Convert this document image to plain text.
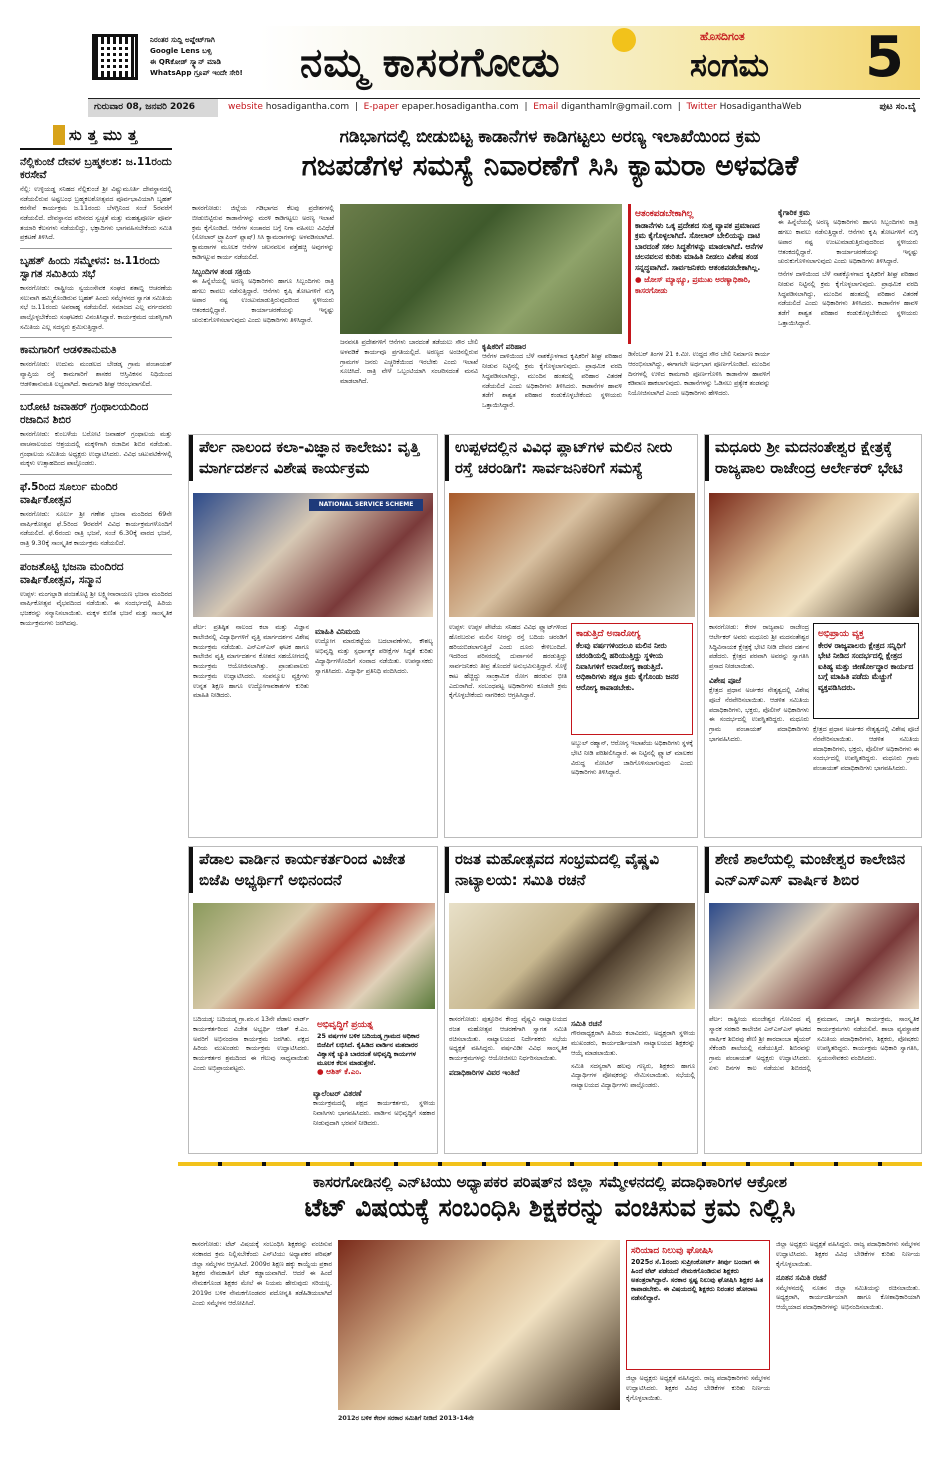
ನಿರಂತರ ಸುದ್ದಿ ಅಪ್ಡೇಟ್‌ಗಾಗಿ
Google Lens ಬಳ್ಸಿ
ಈ QRಕೋಡ್ ಸ್ಕ್ಯಾನ್ ಮಾಡಿ
WhatsApp ಗ್ರೂಪ್ ಇಂದೇ ಸೇರಿ!	ನಮ್ಮ ಕಾಸರಗೋಡು
ಹೊಸದಿಗಂತ
ಸಂಗಮ 5
ಗುರುವಾರ 08, ಜನವರಿ 2026	website hosadigantha.com  |  E-paper epaper.hosadigantha.com  |  Email diganthamlr@gmail.com  |  Twitter HosadiganthaWeb	ಪುಟ ಸಂ.ಬೈ
ಸುತ್ತಮುತ್ತ
ನೆಲ್ಲಿಕುಂಜೆ ದೇವಳ ಬ್ರಹ್ಮಕಲಶ: ಜ.11ರಂದು ಕರಸೇವೆ
ನೆಲ್ಲಿ: ಉಳ್ಳಿಯಡ್ಡ ಸನಿಹದ ನೆಲ್ಲಿಕುಂಜೆ ಶ್ರೀ ವಿಷ್ಣುಮೂರ್ತಿ ದೇವಸ್ಥಾನದಲ್ಲಿ ನಡೆಯಲಿರುವ ಅಷ್ಟಬಂಧ ಬ್ರಹ್ಮಕಲಶೋತ್ಸವದ ಪೂರ್ವಭಾವಿಯಾಗಿ ಬೃಹತ್ ಕರಸೇವೆ ಕಾರ್ಯಕ್ರಮ ಜ.11ರಂದು ಬೆಳಗ್ಗಿನಿಂದ ಸಂಜೆ 5ರವರೆಗೆ ನಡೆಯಲಿದೆ. ದೇವಸ್ಥಾನದ ಪರಿಸರದ ಸ್ವಚ್ಛತೆ ಮತ್ತು ಮಹತ್ವಪೂರ್ಣ ಪೂರ್ವ ತಯಾರಿ ಕೆಲಸಗಳು ನಡೆಯಲಿದ್ದು, ಭಕ್ತಾದಿಗಳು ಭಾಗವಹಿಸಬೇಕೆಂದು ಸಮಿತಿ ಪ್ರಕಟಣೆ ತಿಳಿಸಿದೆ.
ಬೃಹತ್ ಹಿಂದು ಸಮ್ಮೇಳನ: ಜ.11ರಂದು ಸ್ವಾಗತ ಸಮಿತಿಯ ಸಭೆ
ಕಾಸರಗೋಡು: ರಾಷ್ಟ್ರೀಯ ಸ್ವಯಂಸೇವಕ ಸಂಘದ ಶತಾಬ್ದಿ ಆಚರಣೆಯ ಸಲುವಾಗಿ ಹಮ್ಮಿಕೊಂಡಿರುವ ಬೃಹತ್ ಹಿಂದು ಸಮ್ಮೇಳನದ ಸ್ವಾಗತ ಸಮಿತಿಯ ಸಭೆ ಜ.11ರಂದು ಅಪರಾಹ್ನ ನಡೆಯಲಿದೆ. ಸಮಾಜದ ಎಲ್ಲ ವರ್ಗದವರು ಪಾಲ್ಗೊಳ್ಳಬೇಕೆಂದು ಸಂಘಟಕರು ವಿನಂತಿಸಿದ್ದಾರೆ. ಕಾರ್ಯಕ್ರಮದ ಯಶಸ್ಸಿಗಾಗಿ ಸಮಿತಿಯ ಎಲ್ಲ ಸದಸ್ಯರು ಶ್ರಮಿಸುತ್ತಿದ್ದಾರೆ.
ಕಾಮಗಾರಿಗೆ ಆಡಳಿತಾನುಮತಿ
ಕಾಸರಗೋಡು: ಉದುಮ ಮಂಡಲದ ಬೇಡಡ್ಕ ಗ್ರಾಮ ಪಂಚಾಯತ್ ವ್ಯಾಪ್ತಿಯ ರಸ್ತೆ ಕಾಮಗಾರಿಗೆ ಶಾಸಕರ ಆಸ್ತಿವಿಕಸನ ನಿಧಿಯಿಂದ ಆಡಳಿತಾನುಮತಿ ಲಭ್ಯವಾಗಿದೆ. ಕಾಮಗಾರಿ ಶೀಘ್ರ ಆರಂಭವಾಗಲಿದೆ.
ಬರೋಟಿ ಜವಾಹರ್ ಗ್ರಂಥಾಲಯದಿಂದ ರಜಾದಿನ ಶಿಬಿರ
ಕಾಸರಗೋಡು: ಕುಂಬಳೆಯ ಬರೋಟಿ ಜವಾಹರ್ ಗ್ರಂಥಾಲಯ ಮತ್ತು ವಾಚನಾಲಯದ ಆಶ್ರಯದಲ್ಲಿ ಮಕ್ಕಳಿಗಾಗಿ ರಜಾದಿನ ಶಿಬಿರ ನಡೆಯಿತು. ಗ್ರಂಥಾಲಯ ಸಮಿತಿಯ ಅಧ್ಯಕ್ಷರು ಉದ್ಘಾಟಿಸಿದರು. ವಿವಿಧ ಚಟುವಟಿಕೆಗಳಲ್ಲಿ ಮಕ್ಕಳು ಉತ್ಸಾಹದಿಂದ ಪಾಲ್ಗೊಂಡರು.
ಫೆ.5ರಿಂದ ಸೂರ್ಲು ಮಂದಿರ ವಾರ್ಷಿಕೋತ್ಸವ
ಕಾಸರಗೋಡು: ಸೂರ್ಲು ಶ್ರೀ ಗಣೇಶ ಭಜನಾ ಮಂದಿರದ 69ನೇ ವಾರ್ಷಿಕೋತ್ಸವ ಫೆ.5ರಿಂದ 9ರವರೆಗೆ ವಿವಿಧ ಕಾರ್ಯಕ್ರಮಗಳೊಂದಿಗೆ ನಡೆಯಲಿದೆ. ಫೆ.6ರಂದು ರಾತ್ರಿ ಭಜನೆ, ಸಂಜೆ 6.30ಕ್ಕೆ ವಾರದ ಭಜನೆ, ರಾತ್ರಿ 9.30ಕ್ಕೆ ಸಾಂಸ್ಕೃತಿಕ ಕಾರ್ಯಕ್ರಮ ನಡೆಯಲಿದೆ.
ಪಂಜತೊಟ್ಟಿ ಭಜನಾ ಮಂದಿರದ ವಾರ್ಷಿಕೋತ್ಸವ, ಸನ್ಮಾನ
ಉಪ್ಪಳ: ಮಂಗಲ್ಪಾಡಿ ಪಂಜತೊಟ್ಟಿ ಶ್ರೀ ಲಕ್ಷ್ಮೀನಾರಾಯಣ ಭಜನಾ ಮಂದಿರದ ವಾರ್ಷಿಕೋತ್ಸವ ವೈಭವದಿಂದ ನಡೆಯಿತು. ಈ ಸಂದರ್ಭದಲ್ಲಿ ಹಿರಿಯ ಭಜಕರನ್ನು ಸನ್ಮಾನಿಸಲಾಯಿತು. ಮಕ್ಕಳ ಕುಣಿತ ಭಜನೆ ಮತ್ತು ಸಾಂಸ್ಕೃತಿಕ ಕಾರ್ಯಕ್ರಮಗಳು ಜರಗಿದವು.
ಗಡಿಭಾಗದಲ್ಲಿ ಬೀಡುಬಿಟ್ಟ ಕಾಡಾನೆಗಳ ಕಾಡಿಗಟ್ಟಲು ಅರಣ್ಯ ಇಲಾಖೆಯಿಂದ ಕ್ರಮ
ಗಜಪಡೆಗಳ ಸಮಸ್ಯೆ ನಿವಾರಣೆಗೆ ಸಿಸಿ ಕ್ಯಾಮರಾ ಅಳವಡಿಕೆ

ಕಾಸರಗೋಡು: ಜಿಲ್ಲೆಯ ಗಡಿಭಾಗದ ಕೆಲವು ಪ್ರದೇಶಗಳಲ್ಲಿ ಬೀಡುಬಿಟ್ಟಿರುವ ಕಾಡಾನೆಗಳನ್ನು ಮರಳಿ ಕಾಡಿಗಟ್ಟಲು ಅರಣ್ಯ ಇಲಾಖೆ ಕ್ರಮ ಕೈಗೊಂಡಿದೆ. ಆನೆಗಳ ಸಂಚಾರದ ಬಗ್ಗೆ ನಿಗಾ ವಹಿಸಲು ವಿವಿಧೆಡೆ (ಸೋಲಾರ್ ಟ್ರ್ಯಾಪಿಂಗ್ ಫ್ಲಾಷ್) ಸಿಸಿ ಕ್ಯಾಮರಾಗಳನ್ನು ಅಳವಡಿಸಲಾಗಿದೆ. ಕ್ಯಾಮರಾಗಳ ಮೂಲಕ ಆನೆಗಳ ಚಲನವಲನ ಪತ್ತೆಹಚ್ಚಿ ಅವುಗಳನ್ನು ಕಾಡಿಗಟ್ಟುವ ಕಾರ್ಯ ನಡೆಯಲಿದೆ.

ಸಿಬ್ಬಂದಿಗಳ ತಂಡ ಸಕ್ರಿಯ

ಈ ಹಿನ್ನೆಲೆಯಲ್ಲಿ ಅರಣ್ಯ ಅಧಿಕಾರಿಗಳು ಹಾಗೂ ಸಿಬ್ಬಂದಿಗಳು ರಾತ್ರಿ ಹಗಲು ಕಾವಲು ನಡೆಸುತ್ತಿದ್ದಾರೆ. ಆನೆಗಳು ಕೃಷಿ ತೋಟಗಳಿಗೆ ನುಗ್ಗಿ ಅಪಾರ ನಷ್ಟ ಉಂಟುಮಾಡುತ್ತಿರುವುದರಿಂದ ಸ್ಥಳೀಯರು ಆತಂಕದಲ್ಲಿದ್ದಾರೆ. ಕಾರ್ಯಾಚರಣೆಯನ್ನು ಇನ್ನಷ್ಟು ಚುರುಕುಗೊಳಿಸಲಾಗುವುದು ಎಂದು ಅಧಿಕಾರಿಗಳು ತಿಳಿಸಿದ್ದಾರೆ.

ಜನವಸತಿ ಪ್ರದೇಶಗಳಿಗೆ ಆನೆಗಳು ಬಾರದಂತೆ ತಡೆಯಲು ಸೌರ ಬೇಲಿ ಅಳವಡಿಕೆ ಕಾರ್ಯವೂ ಪ್ರಗತಿಯಲ್ಲಿದೆ. ಅರಣ್ಯದ ಅಂಚಿನಲ್ಲಿರುವ ಗ್ರಾಮಗಳ ಜನರು ಎಚ್ಚರಿಕೆಯಿಂದ ಇರಬೇಕು ಎಂದು ಇಲಾಖೆ ಸೂಚಿಸಿದೆ. ರಾತ್ರಿ ವೇಳೆ ಒಬ್ಬಂಟಿಯಾಗಿ ಸಂಚರಿಸದಂತೆ ಮನವಿ ಮಾಡಲಾಗಿದೆ.

ಕೃಷಿಕರಿಗೆ ಪರಿಹಾರ

ಆನೆಗಳ ದಾಳಿಯಿಂದ ಬೆಳೆ ನಾಶಕ್ಕೊಳಗಾದ ಕೃಷಿಕರಿಗೆ ಶೀಘ್ರ ಪರಿಹಾರ ನೀಡುವ ನಿಟ್ಟಿನಲ್ಲಿ ಕ್ರಮ ಕೈಗೊಳ್ಳಲಾಗುವುದು. ಪ್ರಾಥಮಿಕ ವರದಿ ಸಿದ್ಧಪಡಿಸಲಾಗಿದ್ದು, ಮುಂದಿನ ಹಂತದಲ್ಲಿ ಪರಿಹಾರ ವಿತರಣೆ ನಡೆಯಲಿದೆ ಎಂದು ಅಧಿಕಾರಿಗಳು ತಿಳಿಸಿದರು. ಕಾಡಾನೆಗಳ ಹಾವಳಿ ತಡೆಗೆ ಶಾಶ್ವತ ಪರಿಹಾರ ಕಂಡುಕೊಳ್ಳಬೇಕೆಂದು ಸ್ಥಳೀಯರು ಒತ್ತಾಯಿಸಿದ್ದಾರೆ.

ಆತಂಕಪಡಬೇಕಾಗಿಲ್ಲ
ಕಾಡಾನೆಗಳು ಒಕ್ಕ ಪ್ರದೇಶದ ಸುತ್ತ ವ್ಯಾಪಕ ಪ್ರಮಾಣದ ಕ್ರಮ ಕೈಗೊಳ್ಳಲಾಗಿದೆ. ಸೋಲಾರ್ ಬೇಲಿಯನ್ನು ದಾಟಿ ಬಾರದಂತೆ ಸಕಲ ಸಿದ್ಧತೆಗಳನ್ನು ಮಾಡಲಾಗಿದೆ. ಆನೆಗಳ ಚಲನವಲನ ಕುರಿತು ಮಾಹಿತಿ ನೀಡಲು ವಿಶೇಷ ತಂಡ ಸನ್ನದ್ಧವಾಗಿದೆ. ಸಾರ್ವಜನಿಕರು ಆತಂಕಪಡಬೇಕಾಗಿಲ್ಲ.
● ಜೋಸ್ ಮ್ಯಾಥ್ಯೂ, ಪ್ರಮುಖ ಅರಣ್ಯಾಧಿಕಾರಿ, ಕಾಸರಗೋಡು

ಡಿಸೆಂಬರ್ ತಿಂಗಳ 21 ಕಿ.ಮೀ. ಉದ್ದದ ಸೌರ ಬೇಲಿ ನಿರ್ಮಾಣ ಕಾರ್ಯ ಆರಂಭಿಸಲಾಗಿದ್ದು, ಈಗಾಗಲೇ ಅರ್ಧಭಾಗ ಪೂರ್ಣಗೊಂಡಿದೆ. ಮುಂದಿನ ದಿನಗಳಲ್ಲಿ ಉಳಿದ ಕಾಮಗಾರಿ ಪೂರ್ಣಗೊಳಿಸಿ ಕಾಡಾನೆಗಳ ಹಾವಳಿಗೆ ಕಡಿವಾಣ ಹಾಕಲಾಗುವುದು. ಕಾಡಾನೆಗಳನ್ನು ಓಡಿಸಲು ಪ್ರತ್ಯೇಕ ತಂಡವನ್ನು ನಿಯೋಜಿಸಲಾಗಿದೆ ಎಂದು ಅಧಿಕಾರಿಗಳು ಹೇಳಿದರು.

ಕೈಗಾರಿಕ ಕ್ರಮ

ಈ ಹಿನ್ನೆಲೆಯಲ್ಲಿ ಅರಣ್ಯ ಅಧಿಕಾರಿಗಳು ಹಾಗೂ ಸಿಬ್ಬಂದಿಗಳು ರಾತ್ರಿ ಹಗಲು ಕಾವಲು ನಡೆಸುತ್ತಿದ್ದಾರೆ. ಆನೆಗಳು ಕೃಷಿ ತೋಟಗಳಿಗೆ ನುಗ್ಗಿ ಅಪಾರ ನಷ್ಟ ಉಂಟುಮಾಡುತ್ತಿರುವುದರಿಂದ ಸ್ಥಳೀಯರು ಆತಂಕದಲ್ಲಿದ್ದಾರೆ. ಕಾರ್ಯಾಚರಣೆಯನ್ನು ಇನ್ನಷ್ಟು ಚುರುಕುಗೊಳಿಸಲಾಗುವುದು ಎಂದು ಅಧಿಕಾರಿಗಳು ತಿಳಿಸಿದ್ದಾರೆ.

ಆನೆಗಳ ದಾಳಿಯಿಂದ ಬೆಳೆ ನಾಶಕ್ಕೊಳಗಾದ ಕೃಷಿಕರಿಗೆ ಶೀಘ್ರ ಪರಿಹಾರ ನೀಡುವ ನಿಟ್ಟಿನಲ್ಲಿ ಕ್ರಮ ಕೈಗೊಳ್ಳಲಾಗುವುದು. ಪ್ರಾಥಮಿಕ ವರದಿ ಸಿದ್ಧಪಡಿಸಲಾಗಿದ್ದು, ಮುಂದಿನ ಹಂತದಲ್ಲಿ ಪರಿಹಾರ ವಿತರಣೆ ನಡೆಯಲಿದೆ ಎಂದು ಅಧಿಕಾರಿಗಳು ತಿಳಿಸಿದರು. ಕಾಡಾನೆಗಳ ಹಾವಳಿ ತಡೆಗೆ ಶಾಶ್ವತ ಪರಿಹಾರ ಕಂಡುಕೊಳ್ಳಬೇಕೆಂದು ಸ್ಥಳೀಯರು ಒತ್ತಾಯಿಸಿದ್ದಾರೆ.

ಪೆರ್ಲ ನಾಲಂದ ಕಲಾ-ವಿಜ್ಞಾನ ಕಾಲೇಜು: ವೃತ್ತಿ ಮಾರ್ಗದರ್ಶನ ವಿಶೇಷ ಕಾರ್ಯಕ್ರಮ
NATIONAL SERVICE SCHEME

ಪೆರ್ಲ: ಪ್ರತಿಷ್ಠಿತ ನಾಲಂದ ಕಲಾ ಮತ್ತು ವಿಜ್ಞಾನ ಕಾಲೇಜಿನಲ್ಲಿ ವಿದ್ಯಾರ್ಥಿಗಳಿಗೆ ವೃತ್ತಿ ಮಾರ್ಗದರ್ಶನ ವಿಶೇಷ ಕಾರ್ಯಕ್ರಮ ನಡೆಯಿತು. ಎನ್ಎಸ್ಎಸ್ ಘಟಕ ಹಾಗೂ ಕಾಲೇಜಿನ ವೃತ್ತಿ ಮಾರ್ಗದರ್ಶನ ಕೋಶದ ಸಹಯೋಗದಲ್ಲಿ ಕಾರ್ಯಕ್ರಮ ಆಯೋಜಿಸಲಾಗಿತ್ತು. ಪ್ರಾಂಶುಪಾಲರು ಕಾರ್ಯಕ್ರಮ ಉದ್ಘಾಟಿಸಿದರು. ಸಂಪನ್ಮೂಲ ವ್ಯಕ್ತಿಗಳು ಉನ್ನತ ಶಿಕ್ಷಣ ಹಾಗೂ ಉದ್ಯೋಗಾವಕಾಶಗಳ ಕುರಿತು ಮಾಹಿತಿ ನೀಡಿದರು.

ಮಾಹಿತಿ ವಿನಿಮಯ

ಉದ್ಯೋಗ ಮಾರುಕಟ್ಟೆಯ ಬದಲಾವಣೆಗಳು, ಕೌಶಲ್ಯ ಅಭಿವೃದ್ಧಿ ಮತ್ತು ಸ್ಪರ್ಧಾತ್ಮಕ ಪರೀಕ್ಷೆಗಳ ಸಿದ್ಧತೆ ಕುರಿತು ವಿದ್ಯಾರ್ಥಿಗಳೊಂದಿಗೆ ಸಂವಾದ ನಡೆಯಿತು. ಉಪನ್ಯಾಸಕರು ಸ್ವಾಗತಿಸಿದರು. ವಿದ್ಯಾರ್ಥಿ ಪ್ರತಿನಿಧಿ ವಂದಿಸಿದರು.

ಉಪ್ಪಳದಲ್ಲಿನ ವಿವಿಧ ಪ್ಲಾಟ್‌ಗಳ ಮಲಿನ ನೀರು ರಸ್ತೆ ಚರಂಡಿಗೆ: ಸಾರ್ವಜನಿಕರಿಗೆ ಸಮಸ್ಯೆ

ಉಪ್ಪಳ: ಉಪ್ಪಳ ಪೇಟೆಯ ಸನಿಹದ ವಿವಿಧ ಫ್ಲ್ಯಾಟ್‌ಗಳಿಂದ ಹೊರಬರುವ ಮಲಿನ ನೀರನ್ನು ರಸ್ತೆ ಬದಿಯ ಚರಂಡಿಗೆ ಹರಿಯಬಿಡಲಾಗುತ್ತಿದೆ ಎಂದು ದೂರು ಕೇಳಿಬಂದಿದೆ. ಇದರಿಂದ ಪರಿಸರದಲ್ಲಿ ದುರ್ವಾಸನೆ ಹರಡುತ್ತಿದ್ದು ಸಾರ್ವಜನಿಕರು ತೀವ್ರ ತೊಂದರೆ ಅನುಭವಿಸುತ್ತಿದ್ದಾರೆ. ಸೊಳ್ಳೆ ಕಾಟ ಹೆಚ್ಚಿದ್ದು ಸಾಂಕ್ರಾಮಿಕ ರೋಗ ಹರಡುವ ಭೀತಿ ಎದುರಾಗಿದೆ. ಸಂಬಂಧಪಟ್ಟ ಅಧಿಕಾರಿಗಳು ಕೂಡಲೇ ಕ್ರಮ ಕೈಗೊಳ್ಳಬೇಕೆಂದು ನಾಗರಿಕರು ಆಗ್ರಹಿಸಿದ್ದಾರೆ.

ಕಾಡುತ್ತಿದೆ ಅನಾರೋಗ್ಯ
ಕೆಲವು ವರ್ಷಗಳಿಂದಲೂ ಮಲಿನ ನೀರು ಚರಂಡಿಯಲ್ಲಿ ಹರಿಯುತ್ತಿದ್ದು ಸ್ಥಳೀಯ ನಿವಾಸಿಗಳಿಗೆ ಅನಾರೋಗ್ಯ ಕಾಡುತ್ತಿದೆ. ಅಧಿಕಾರಿಗಳು ತಕ್ಷಣ ಕ್ರಮ ಕೈಗೊಂಡು ಜನರ ಆರೋಗ್ಯ ಕಾಪಾಡಬೇಕು.

ಅಬ್ದುಲ್ ರಹ್ಮಾನ್, ಆರೋಗ್ಯ ಇಲಾಖೆಯ ಅಧಿಕಾರಿಗಳು ಸ್ಥಳಕ್ಕೆ ಭೇಟಿ ನೀಡಿ ಪರಿಶೀಲಿಸಿದ್ದಾರೆ. ಈ ನಿಟ್ಟಿನಲ್ಲಿ ಫ್ಲ್ಯಾಟ್ ಮಾಲಕರ ವಿರುದ್ಧ ನೋಟಿಸ್ ಜಾರಿಗೊಳಿಸಲಾಗುವುದು ಎಂದು ಅಧಿಕಾರಿಗಳು ತಿಳಿಸಿದ್ದಾರೆ.

ಮಧೂರು ಶ್ರೀ ಮದನಂತೇಶ್ವರ ಕ್ಷೇತ್ರಕ್ಕೆ ರಾಜ್ಯಪಾಲ ರಾಜೇಂದ್ರ ಆರ್ಲೇಕರ್ ಭೇಟಿ

ಕಾಸರಗೋಡು: ಕೇರಳ ರಾಜ್ಯಪಾಲ ರಾಜೇಂದ್ರ ಆರ್ಲೇಕರ್ ಅವರು ಮಧೂರು ಶ್ರೀ ಮದನಂತೇಶ್ವರ ಸಿದ್ಧಿವಿನಾಯಕ ಕ್ಷೇತ್ರಕ್ಕೆ ಭೇಟಿ ನೀಡಿ ದೇವರ ದರ್ಶನ ಪಡೆದರು. ಕ್ಷೇತ್ರದ ಪರವಾಗಿ ಅವರನ್ನು ಸ್ವಾಗತಿಸಿ ಪ್ರಸಾದ ನೀಡಲಾಯಿತು.

ವಿಶೇಷ ಪೂಜೆ

ಕ್ಷೇತ್ರದ ಪ್ರಧಾನ ಅರ್ಚಕರ ನೇತೃತ್ವದಲ್ಲಿ ವಿಶೇಷ ಪೂಜೆ ನೆರವೇರಿಸಲಾಯಿತು. ಆಡಳಿತ ಸಮಿತಿಯ ಪದಾಧಿಕಾರಿಗಳು, ಭಕ್ತರು, ಪೊಲೀಸ್ ಅಧಿಕಾರಿಗಳು ಈ ಸಂದರ್ಭದಲ್ಲಿ ಉಪಸ್ಥಿತರಿದ್ದರು. ಮಧೂರು ಗ್ರಾಮ ಪಂಚಾಯತ್ ಪದಾಧಿಕಾರಿಗಳು ಭಾಗವಹಿಸಿದರು.

ಅಭಿಪ್ರಾಯ ವ್ಯಕ್ತ
ಕೇರಳ ರಾಜ್ಯಪಾಲರು ಕ್ಷೇತ್ರದ ಸನ್ನಿಧಿಗೆ ಭೇಟಿ ನೀಡಿದ ಸಂದರ್ಭದಲ್ಲಿ ಕ್ಷೇತ್ರದ ಐತಿಹ್ಯ ಮತ್ತು ಜೀರ್ಣೋದ್ಧಾರ ಕಾರ್ಯದ ಬಗ್ಗೆ ಮಾಹಿತಿ ಪಡೆದು ಮೆಚ್ಚುಗೆ ವ್ಯಕ್ತಪಡಿಸಿದರು.

ಕ್ಷೇತ್ರದ ಪ್ರಧಾನ ಅರ್ಚಕರ ನೇತೃತ್ವದಲ್ಲಿ ವಿಶೇಷ ಪೂಜೆ ನೆರವೇರಿಸಲಾಯಿತು. ಆಡಳಿತ ಸಮಿತಿಯ ಪದಾಧಿಕಾರಿಗಳು, ಭಕ್ತರು, ಪೊಲೀಸ್ ಅಧಿಕಾರಿಗಳು ಈ ಸಂದರ್ಭದಲ್ಲಿ ಉಪಸ್ಥಿತರಿದ್ದರು. ಮಧೂರು ಗ್ರಾಮ ಪಂಚಾಯತ್ ಪದಾಧಿಕಾರಿಗಳು ಭಾಗವಹಿಸಿದರು.

ಪೆಡಾಲ ವಾರ್ಡಿನ ಕಾರ್ಯಕರ್ತರಿಂದ ವಿಜೇತ ಬಿಜೆಪಿ ಅಭ್ಯರ್ಥಿಗೆ ಅಭಿನಂದನೆ

ಬದಿಯಡ್ಕ: ಬದಿಯಡ್ಕ ಗ್ರಾ.ಪಂ.ನ 13ನೇ ಪೆಡಾಲ ವಾರ್ಡ್ ಕಾರ್ಯಕರ್ತರಿಂದ ವಿಜೇತ ಅಭ್ಯರ್ಥಿ ಆಶಿತ್ ಕೆ.ಎಂ. ಅವರಿಗೆ ಅಭಿನಂದನಾ ಕಾರ್ಯಕ್ರಮ ಜರಗಿತು. ಪಕ್ಷದ ಹಿರಿಯ ಮುಖಂಡರು ಕಾರ್ಯಕ್ರಮ ಉದ್ಘಾಟಿಸಿದರು. ಕಾರ್ಯಕರ್ತರ ಶ್ರಮದಿಂದ ಈ ಗೆಲುವು ಸಾಧ್ಯವಾಯಿತು ಎಂದು ಅಭಿಪ್ರಾಯಪಟ್ಟರು.

ಅಭಿವೃದ್ಧಿಗೆ ಪ್ರಯತ್ನ
25 ವರ್ಷಗಳ ಬಳಿಕ ಬದಿಯಡ್ಕ ಗ್ರಾಮದ ಅಧಿಕಾರ ಬಿಜೆಪಿಗೆ ಲಭಿಸಿದೆ. ಕೈಹಿಡಿದ ವಾರ್ಡಿನ ಮತದಾರರ ವಿಶ್ವಾಸಕ್ಕೆ ಚ್ಯುತಿ ಬಾರದಂತೆ ಅಭಿವೃದ್ಧಿ ಕಾರ್ಯಗಳ ಮೂಲಕ ಕೆಲಸ ಮಾಡುತ್ತೇನೆ.
● ಆಶಿತ್ ಕೆ.ಎಂ.
ವ್ಯಾಲೆಂಟರ್ ವಿತರಣೆ

ಕಾರ್ಯಕ್ರಮದಲ್ಲಿ ಪಕ್ಷದ ಕಾರ್ಯಕರ್ತರು, ಸ್ಥಳೀಯ ನಿವಾಸಿಗಳು ಭಾಗವಹಿಸಿದರು. ವಾರ್ಡಿನ ಅಭಿವೃದ್ಧಿಗೆ ಸಹಕಾರ ನೀಡುವುದಾಗಿ ಭರವಸೆ ನೀಡಿದರು.

ರಜತ ಮಹೋತ್ಸವದ ಸಂಭ್ರಮದಲ್ಲಿ ವೈಷ್ಣವಿ ನಾಟ್ಯಾಲಯ: ಸಮಿತಿ ರಚನೆ

ಕಾಸರಗೋಡು: ಪುತ್ತೂರಿನ ಕೇಂದ್ರ ವೈಷ್ಣವಿ ನಾಟ್ಯಾಲಯದ ರಜತ ಮಹೋತ್ಸವ ಆಚರಣೆಗಾಗಿ ಸ್ವಾಗತ ಸಮಿತಿ ರಚಿಸಲಾಯಿತು. ನಾಟ್ಯಾಲಯದ ನಿರ್ದೇಶಕರು ಸಭೆಯ ಅಧ್ಯಕ್ಷತೆ ವಹಿಸಿದ್ದರು. ವರ್ಷವಿಡೀ ವಿವಿಧ ಸಾಂಸ್ಕೃತಿಕ ಕಾರ್ಯಕ್ರಮಗಳನ್ನು ಆಯೋಜಿಸಲು ನಿರ್ಧರಿಸಲಾಯಿತು.

ಪದಾಧಿಕಾರಿಗಳ ವಿವರ ಇಂತಿದೆ
ಸಮಿತಿ ರಚನೆ

ಗೌರವಾಧ್ಯಕ್ಷರಾಗಿ ಹಿರಿಯ ಕಲಾವಿದರು, ಅಧ್ಯಕ್ಷರಾಗಿ ಸ್ಥಳೀಯ ಮುಖಂಡರು, ಕಾರ್ಯದರ್ಶಿಯಾಗಿ ನಾಟ್ಯಾಲಯದ ಶಿಕ್ಷಕರನ್ನು ಆಯ್ಕೆ ಮಾಡಲಾಯಿತು.

ಸಮಿತಿ ಸದಸ್ಯರಾಗಿ ಹಲವು ಗಣ್ಯರು, ಶಿಕ್ಷಕರು ಹಾಗೂ ವಿದ್ಯಾರ್ಥಿಗಳ ಪೋಷಕರನ್ನು ನೇಮಿಸಲಾಯಿತು. ಸಭೆಯಲ್ಲಿ ನಾಟ್ಯಾಲಯದ ವಿದ್ಯಾರ್ಥಿಗಳು ಪಾಲ್ಗೊಂಡರು.

ಶೇಣಿ ಶಾಲೆಯಲ್ಲಿ ಮಂಜೇಶ್ವರ ಕಾಲೇಜಿನ ಎನ್ಎಸ್ಎಸ್ ವಾರ್ಷಿಕ ಶಿಬಿರ

ಪೆರ್ಲ: ರಾಷ್ಟ್ರೀಯ ಮಂಜೇಶ್ವರ ಗೋವಿಂದ ಪೈ ಸ್ಮಾರಕ ಸರಕಾರಿ ಕಾಲೇಜಿನ ಎನ್ಎಸ್ಎಸ್ ಘಟಕದ ವಾರ್ಷಿಕ ಶಿಬಿರವು ಶೇಣಿ ಶ್ರೀ ಶಾರದಾಂಬಾ ಹೈಯರ್ ಸೆಕೆಂಡರಿ ಶಾಲೆಯಲ್ಲಿ ನಡೆಯುತ್ತಿದೆ. ಶಿಬಿರವನ್ನು ಗ್ರಾಮ ಪಂಚಾಯತ್ ಅಧ್ಯಕ್ಷರು ಉದ್ಘಾಟಿಸಿದರು. ಏಳು ದಿನಗಳ ಕಾಲ ನಡೆಯುವ ಶಿಬಿರದಲ್ಲಿ ಶ್ರಮದಾನ, ಜಾಗೃತಿ ಕಾರ್ಯಕ್ರಮ, ಸಾಂಸ್ಕೃತಿಕ ಕಾರ್ಯಕ್ರಮಗಳು ನಡೆಯಲಿವೆ. ಶಾಲಾ ವ್ಯವಸ್ಥಾಪಕ ಸಮಿತಿಯ ಪದಾಧಿಕಾರಿಗಳು, ಶಿಕ್ಷಕರು, ಪೋಷಕರು ಉಪಸ್ಥಿತರಿದ್ದರು. ಕಾರ್ಯಕ್ರಮ ಅಧಿಕಾರಿ ಸ್ವಾಗತಿಸಿ, ಸ್ವಯಂಸೇವಕರು ವಂದಿಸಿದರು.

ಕಾಸರಗೋಡಿನಲ್ಲಿ ಎನ್‌ಟಿಯು ಅಧ್ಯಾಪಕರ ಪರಿಷತ್‌ನ ಜಿಲ್ಲಾ ಸಮ್ಮೇಳನದಲ್ಲಿ ಪದಾಧಿಕಾರಿಗಳ ಆಕ್ರೋಶ
ಟೆಟ್ ವಿಷಯಕ್ಕೆ ಸಂಬಂಧಿಸಿ ಶಿಕ್ಷಕರನ್ನು ವಂಚಿಸುವ ಕ್ರಮ ನಿಲ್ಲಿಸಿ

ಕಾಸರಗೋಡು: ಟೆಟ್ ವಿಷಯಕ್ಕೆ ಸಂಬಂಧಿಸಿ ಶಿಕ್ಷಕರನ್ನು ವಂಚಿಸುವ ಸರಕಾರದ ಕ್ರಮ ನಿಲ್ಲಿಸಬೇಕೆಂದು ಎನ್‌ಟಿಯು ಅಧ್ಯಾಪಕರ ಪರಿಷತ್ ಜಿಲ್ಲಾ ಸಮ್ಮೇಳನ ಆಗ್ರಹಿಸಿದೆ. 2009ರ ಶಿಕ್ಷಣ ಹಕ್ಕು ಕಾಯ್ದೆಯ ಪ್ರಕಾರ ಶಿಕ್ಷಕರ ನೇಮಕಾತಿಗೆ ಟೆಟ್ ಕಡ್ಡಾಯವಾಗಿದೆ. ಆದರೆ ಈ ಹಿಂದೆ ನೇಮಕಗೊಂಡ ಶಿಕ್ಷಕರ ಮೇಲೆ ಈ ನಿಯಮ ಹೇರುವುದು ಸರಿಯಲ್ಲ. 2019ರ ಬಳಿಕ ನೇಮಕಗೊಂಡವರ ಪದೋನ್ನತಿ ತಡೆಹಿಡಿಯಲಾಗಿದೆ ಎಂದು ಸಮ್ಮೇಳನ ಆರೋಪಿಸಿದೆ.

2012ರ ಬಳಿಕ ಕೇರಳ ಸರಕಾರ ಸಮಿತಿಗೆ ನೀಡಿದೆ 2013-14ನೇ

ಸರಿಯಾದ ನಿಲುವು ಘೋಷಿಸಿ
2025ರ ಸೆ.1ರಂದು ಸುಪ್ರೀಂಕೋರ್ಟ್ ತೀರ್ಪು ಬಂದಾಗ ಈ ಹಿಂದೆ ಟೆಟ್ ಪಡೆಯದೆ ನೇಮಕಗೊಂಡಿರುವ ಶಿಕ್ಷಕರು ಅತಂತ್ರರಾಗಿದ್ದಾರೆ. ಸರಕಾರ ಸ್ಪಷ್ಟ ನಿಲುವು ಘೋಷಿಸಿ ಶಿಕ್ಷಕರ ಹಿತ ಕಾಪಾಡಬೇಕು. ಈ ವಿಷಯದಲ್ಲಿ ಶಿಕ್ಷಕರು ನಿರಂತರ ಹೋರಾಟ ನಡೆಸಲಿದ್ದಾರೆ.

ಜಿಲ್ಲಾ ಅಧ್ಯಕ್ಷರು ಅಧ್ಯಕ್ಷತೆ ವಹಿಸಿದ್ದರು. ರಾಜ್ಯ ಪದಾಧಿಕಾರಿಗಳು ಸಮ್ಮೇಳನ ಉದ್ಘಾಟಿಸಿದರು. ಶಿಕ್ಷಕರ ವಿವಿಧ ಬೇಡಿಕೆಗಳ ಕುರಿತು ನಿರ್ಣಯ ಕೈಗೊಳ್ಳಲಾಯಿತು.

ಜಿಲ್ಲಾ ಅಧ್ಯಕ್ಷರು ಅಧ್ಯಕ್ಷತೆ ವಹಿಸಿದ್ದರು. ರಾಜ್ಯ ಪದಾಧಿಕಾರಿಗಳು ಸಮ್ಮೇಳನ ಉದ್ಘಾಟಿಸಿದರು. ಶಿಕ್ಷಕರ ವಿವಿಧ ಬೇಡಿಕೆಗಳ ಕುರಿತು ನಿರ್ಣಯ ಕೈಗೊಳ್ಳಲಾಯಿತು.

ನೂತನ ಸಮಿತಿ ರಚನೆ

ಸಮ್ಮೇಳನದಲ್ಲಿ ನೂತನ ಜಿಲ್ಲಾ ಸಮಿತಿಯನ್ನು ರಚಿಸಲಾಯಿತು. ಅಧ್ಯಕ್ಷರಾಗಿ, ಕಾರ್ಯದರ್ಶಿಯಾಗಿ ಹಾಗೂ ಕೋಶಾಧಿಕಾರಿಯಾಗಿ ಆಯ್ಕೆಯಾದ ಪದಾಧಿಕಾರಿಗಳನ್ನು ಅಭಿನಂದಿಸಲಾಯಿತು.
